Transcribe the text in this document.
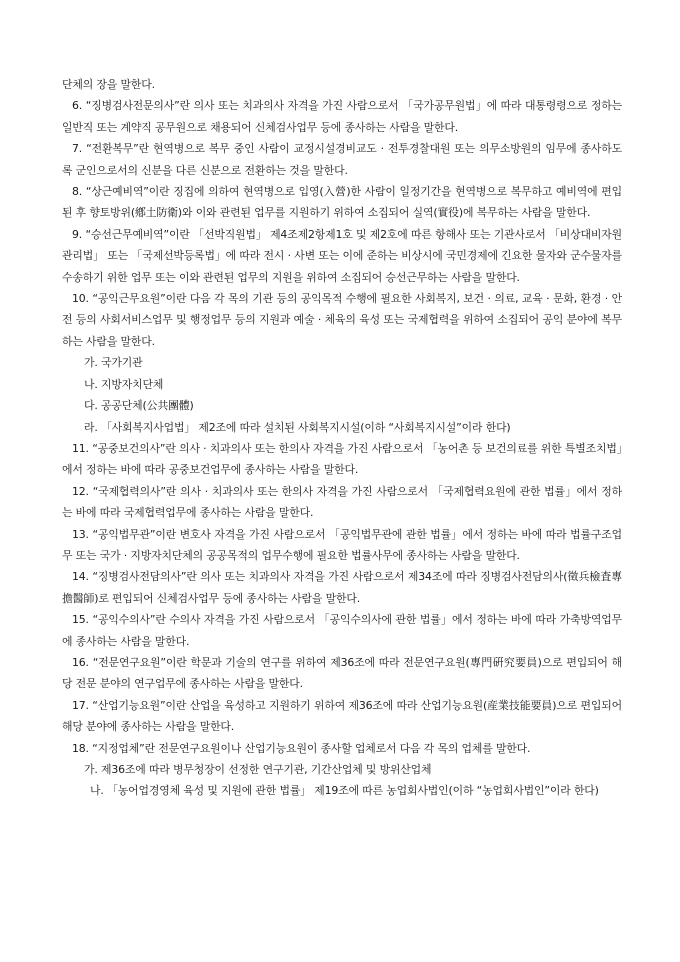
단체의 장을 말한다.

6. “징병검사전문의사”란 의사 또는 치과의사 자격을 가진 사람으로서 「국가공무원법」에 따라 대통령령으로 정하는 일반직 또는 계약직 공무원으로 채용되어 신체검사업무 등에 종사하는 사람을 말한다.

7. “전환복무”란 현역병으로 복무 중인 사람이 교정시설경비교도 · 전투경찰대원 또는 의무소방원의 임무에 종사하도록 군인으로서의 신분을 다른 신분으로 전환하는 것을 말한다.

8. “상근예비역”이란 징집에 의하여 현역병으로 입영(入營)한 사람이 일정기간을 현역병으로 복무하고 예비역에 편입된 후 향토방위(鄕土防衛)와 이와 관련된 업무를 지원하기 위하여 소집되어 실역(實役)에 복무하는 사람을 말한다.

9. “승선근무예비역”이란 「선박직원법」 제4조제2항제1호 및 제2호에 따른 항해사 또는 기관사로서 「비상대비자원 관리법」 또는 「국제선박등록법」에 따라 전시 · 사변 또는 이에 준하는 비상시에 국민경제에 긴요한 물자와 군수물자를 수송하기 위한 업무 또는 이와 관련된 업무의 지원을 위하여 소집되어 승선근무하는 사람을 말한다.

10. “공익근무요원”이란 다음 각 목의 기관 등의 공익목적 수행에 필요한 사회복지, 보건 · 의료, 교육 · 문화, 환경 · 안전 등의 사회서비스업무 및 행정업무 등의 지원과 예술 · 체육의 육성 또는 국제협력을 위하여 소집되어 공익 분야에 복무하는 사람을 말한다.

가. 국가기관

나. 지방자치단체

다. 공공단체(公共團體)

라. 「사회복지사업법」 제2조에 따라 설치된 사회복지시설(이하 “사회복지시설”이라 한다)

11. “공중보건의사”란 의사 · 치과의사 또는 한의사 자격을 가진 사람으로서 「농어촌 등 보건의료를 위한 특별조치법」에서 정하는 바에 따라 공중보건업무에 종사하는 사람을 말한다.

12. “국제협력의사”란 의사 · 치과의사 또는 한의사 자격을 가진 사람으로서 「국제협력요원에 관한 법률」에서 정하는 바에 따라 국제협력업무에 종사하는 사람을 말한다.

13. “공익법무관”이란 변호사 자격을 가진 사람으로서 「공익법무관에 관한 법률」에서 정하는 바에 따라 법률구조업무 또는 국가 · 지방자치단체의 공공목적의 업무수행에 필요한 법률사무에 종사하는 사람을 말한다.

14. “징병검사전담의사”란 의사 또는 치과의사 자격을 가진 사람으로서 제34조에 따라 징병검사전담의사(徵兵檢査專擔醫師)로 편입되어 신체검사업무 등에 종사하는 사람을 말한다.

15. “공익수의사”란 수의사 자격을 가진 사람으로서 「공익수의사에 관한 법률」에서 정하는 바에 따라 가축방역업무에 종사하는 사람을 말한다.

16. “전문연구요원”이란 학문과 기술의 연구를 위하여 제36조에 따라 전문연구요원(專門硏究要員)으로 편입되어 해당 전문 분야의 연구업무에 종사하는 사람을 말한다.

17. “산업기능요원”이란 산업을 육성하고 지원하기 위하여 제36조에 따라 산업기능요원(産業技能要員)으로 편입되어 해당 분야에 종사하는 사람을 말한다.

18. “지정업체”란 전문연구요원이나 산업기능요원이 종사할 업체로서 다음 각 목의 업체를 말한다.

가. 제36조에 따라 병무청장이 선정한 연구기관, 기간산업체 및 방위산업체

나. 「농어업경영체 육성 및 지원에 관한 법률」 제19조에 따른 농업회사법인(이하 “농업회사법인”이라 한다)
